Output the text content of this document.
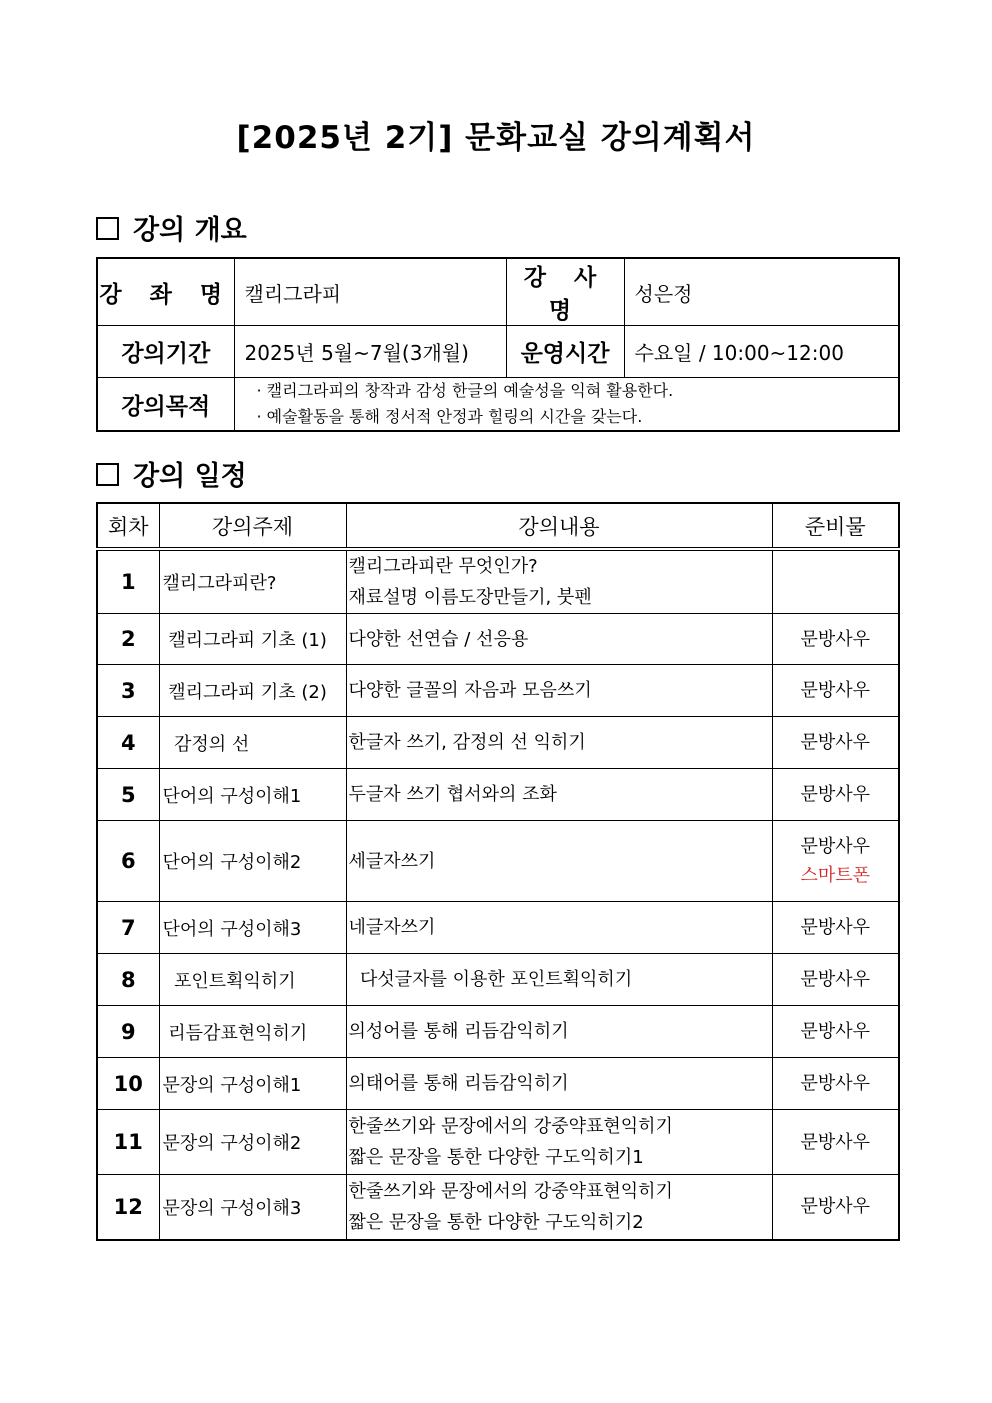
[2025년 2기] 문화교실 강의계획서
강의 개요
강 좌 명	캘리그라피	강 사 명	성은정
강의기간	2025년 5월~7월(3개월)	운영시간	수요일 / 10:00~12:00
강의목적	· 캘리그라피의 창작과 감성 한글의 예술성을 익혀 활용한다.
· 예술활동을 통해 정서적 안정과 힐링의 시간을 갖는다.		
강의 일정
회차	강의주제	강의내용	준비물
1	캘리그라피란?	캘리그라피란 무엇인가?
재료설명 이름도장만들기, 붓펜	

2	캘리그라피 기초 (1)	다양한 선연습 / 선응용	문방사우

3	캘리그라피 기초 (2)	다양한 글꼴의 자음과 모음쓰기	문방사우

4	감정의 선	한글자 쓰기, 감정의 선 익히기	문방사우

5	단어의 구성이해1	두글자 쓰기 협서와의 조화	문방사우

6	단어의 구성이해2	세글자쓰기	문방사우
스마트폰

7	단어의 구성이해3	네글자쓰기	문방사우

8	포인트획익히기	다섯글자를 이용한 포인트획익히기	문방사우

9	리듬감표현익히기	의성어를 통해 리듬감익히기	문방사우

10	문장의 구성이해1	의태어를 통해 리듬감익히기	문방사우

11	문장의 구성이해2	한줄쓰기와 문장에서의 강중약표현익히기
짧은 문장을 통한 다양한 구도익히기1	문방사우

12	문장의 구성이해3	한줄쓰기와 문장에서의 강중약표현익히기
짧은 문장을 통한 다양한 구도익히기2	문방사우
